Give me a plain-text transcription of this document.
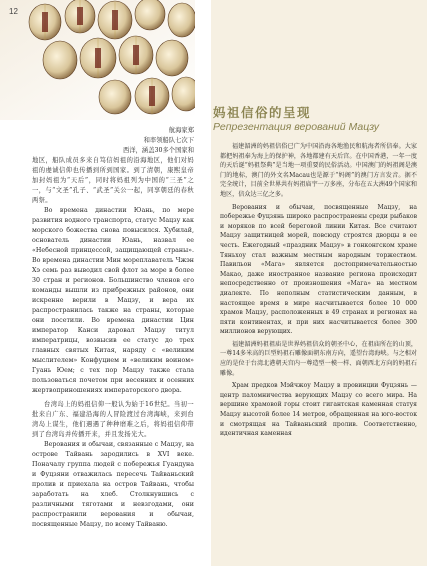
航海家郑
和率领船队七次下
西洋，涵盖30多个国家和

地区，船队成员多来自笃信妈祖的沿海地区，他们对妈祖的虔诚信仰也传播到所到国家。到了清朝，康熙皇帝加封妈祖为“天后”，同时将妈祖列为中国的“三圣”之一，与“文圣”孔子、“武圣”关公一起，同享朝廷的春秋两祭。

Во времена династии Юань, по мере развития водного транспорта, статус Мацзу как морского божества снова повысился. Хубилай, основатель династии Юань, назвал ее «Небесной принцессой, защищающей страны». Во времена династии Мин мореплаватель Чжэн Хэ семь раз выводил свой флот за море в более 30 стран и регионов. Большинство членов его команды вышли из прибрежных районов, они искренне верили в Мацзу, и вера их распространилась также на страны, которые они посетили. Во времена династии Цин император Канси даровал Мацзу титул императрицы, возвысив ее статус до трех главных святых Китая, наряду с «великим мыслителем» Конфуцием и «великим воином» Гуань Юем; с тех пор Мацзу также стала пользоваться почетом при весенних и осенних жертвоприношениях императорского двора.

台湾岛上的妈祖信仰一般认为始于16世纪。当初一批来自广东、福建沿海的人冒险渡过台湾海峡，来到台湾岛上谋生，他们遇遇了种种磨难之后，将妈祖信仰带到了台湾岛并传播开来，并且发扬光大。

Верования и обычаи, связанные с Мацзу, на острове Тайвань зародились в XVI веке. Поначалу группа людей с побережья Гуандуна и Фуцзяни отважилась пересечь Тайваньский пролив и приехала на остров Тайвань, чтобы заработать на хлеб. Столкнувшись с различными тяготами и невзгодами, они распространили верования и обычаи, посвященные Мацзу, по всему Тайваню.

12
妈祖信俗的呈现
Репрезентация верований Мацзу

福建湄洲的妈祖信俗已广为中国沿海各地渔民和航海者所信奉。大家都把妈祖奉为海上的保护神，各地都建有天后宫。在中国香港，一年一度的天后诞“妈祖祭典”是当地一项重要的民俗活动。中国澳门的妈祖阁是澳门的地标，澳门的外文名Macau也是源于“妈阁”的澳门方言发音。据不完全统计，目前全世界共有妈祖庙宇一万多座，分布在五大洲49个国家和地区，信众达三亿之多。

Верования и обычаи, посвященные Мацзу, на побережье Фуцзянь широко распространены среди рыбаков и моряков по всей береговой линии Китая. Все считают Мацзу защитницей морей, повсюду строятся дворцы в ее честь. Ежегодный «праздник Мацзу» в гонконгском храме Тяньхоу стал важным местным народным торжеством. Павильон «Мага» является достопримечательностью Макао, даже иностранное название региона происходит непосредственно от произношения «Мага» на местном диалекте. По неполным статистическим данным, в настоящее время в мире насчитывается более 10 000 храмов Мацзу, расположенных в 49 странах и регионах на пяти континентах, и при них насчитывается более 300 миллионов верующих.

福建湄洲妈祖祖庙是世界妈祖信众的朝圣中心，在祖庙所在的山顶，一尊14多米高的巨型妈祖石雕像面朝东南方向，遥望台湾海峡。与之相对应的是位于台湾北港朝天宫内一尊造型一模一样、面朝西北方向的妈祖石雕像。

Храм предков Мэйчжоу Мацзу в провинции Фуцзянь — центр паломничества верующих Мацзу со всего мира. На вершине храмовой горы стоит гигантская каменная статуя Мацзу высотой более 14 метров, обращенная на юго-восток и смотрящая на Тайваньский пролив. Соответственно, идентичная каменная
